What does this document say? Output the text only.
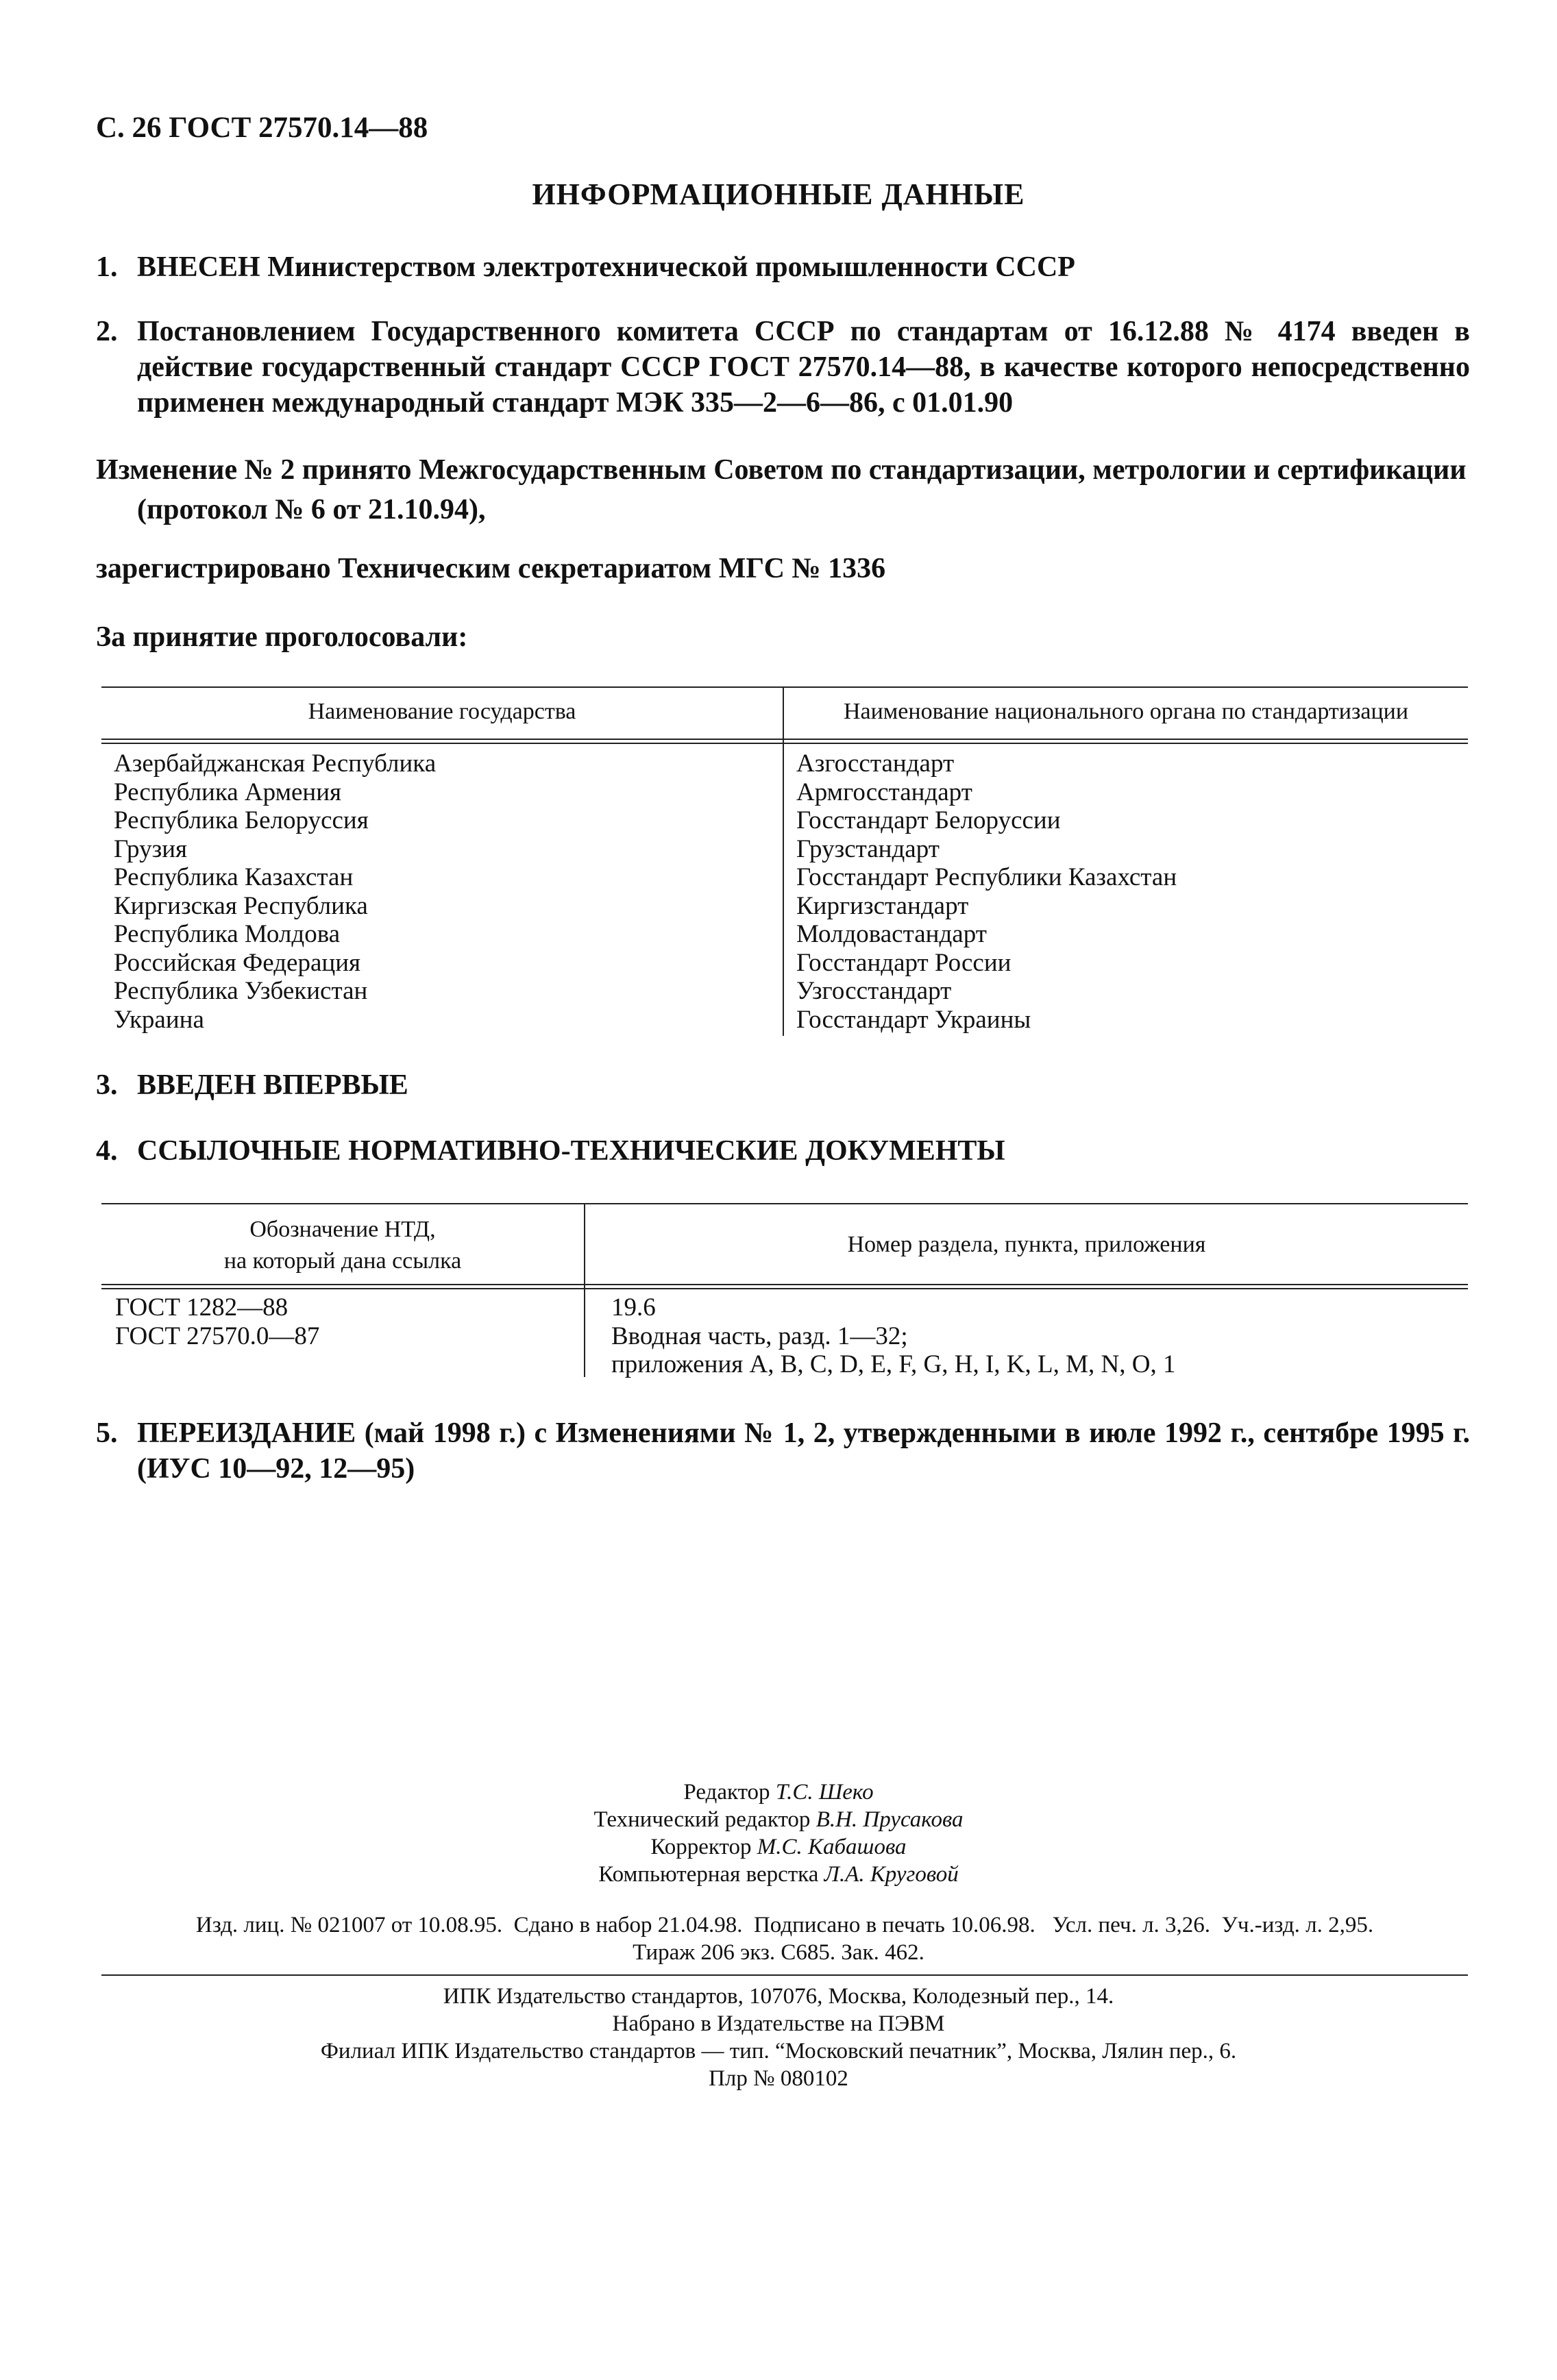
С. 26 ГОСТ 27570.14—88
ИНФОРМАЦИОННЫЕ ДАННЫЕ
1. ВНЕСЕН Министерством электротехнической промышленности СССР
2. Постановлением Государственного комитета СССР по стандартам от 16.12.88 № 4174 введен в действие государственный стандарт СССР ГОСТ 27570.14—88, в качестве которого непосредственно применен международный стандарт МЭК 335—2—6—86, с 01.01.90
Изменение № 2 принято Межгосударственным Советом по стандартизации, метрологии и сертификации
(протокол № 6 от 21.10.94),
зарегистрировано Техническим секретариатом МГС № 1336
За принятие проголосовали:
Наименование государства	Наименование национального органа по стандартизации
Азербайджанская Республика
Республика Армения
Республика Белоруссия
Грузия
Республика Казахстан
Киргизская Республика
Республика Молдова
Российская Федерация
Республика Узбекистан
Украина
Азгосстандарт
Армгосстандарт
Госстандарт Белоруссии
Грузстандарт
Госстандарт Республики Казахстан
Киргизстандарт
Молдовастандарт
Госстандарт России
Узгосстандарт
Госстандарт Украины
3. ВВЕДЕН ВПЕРВЫЕ
4. ССЫЛОЧНЫЕ НОРМАТИВНО-ТЕХНИЧЕСКИЕ ДОКУМЕНТЫ
Обозначение НТД,
на который дана ссылка
Номер раздела, пункта, приложения
ГОСТ 1282—88
ГОСТ 27570.0—87
19.6
Вводная часть, разд. 1—32;
приложения A, B, C, D, E, F, G, H, I, K, L, M, N, O, 1
5. ПЕРЕИЗДАНИЕ (май 1998 г.) с Изменениями № 1, 2, утвержденными в июле 1992 г., сентябре 1995 г. (ИУС 10—92, 12—95)
Редактор Т.С. Шеко
Технический редактор В.Н. Прусакова
Корректор М.С. Кабашова
Компьютерная верстка Л.А. Круговой
Изд. лиц. № 021007 от 10.08.95.  Сдано в набор 21.04.98.  Подписано в печать 10.06.98.   Усл. печ. л. 3,26.  Уч.-изд. л. 2,95.
Тираж 206 экз. С685. Зак. 462.
ИПК Издательство стандартов, 107076, Москва, Колодезный пер., 14.
Набрано в Издательстве на ПЭВМ
Филиал ИПК Издательство стандартов — тип. “Московский печатник”, Москва, Лялин пер., 6.
Плр № 080102
